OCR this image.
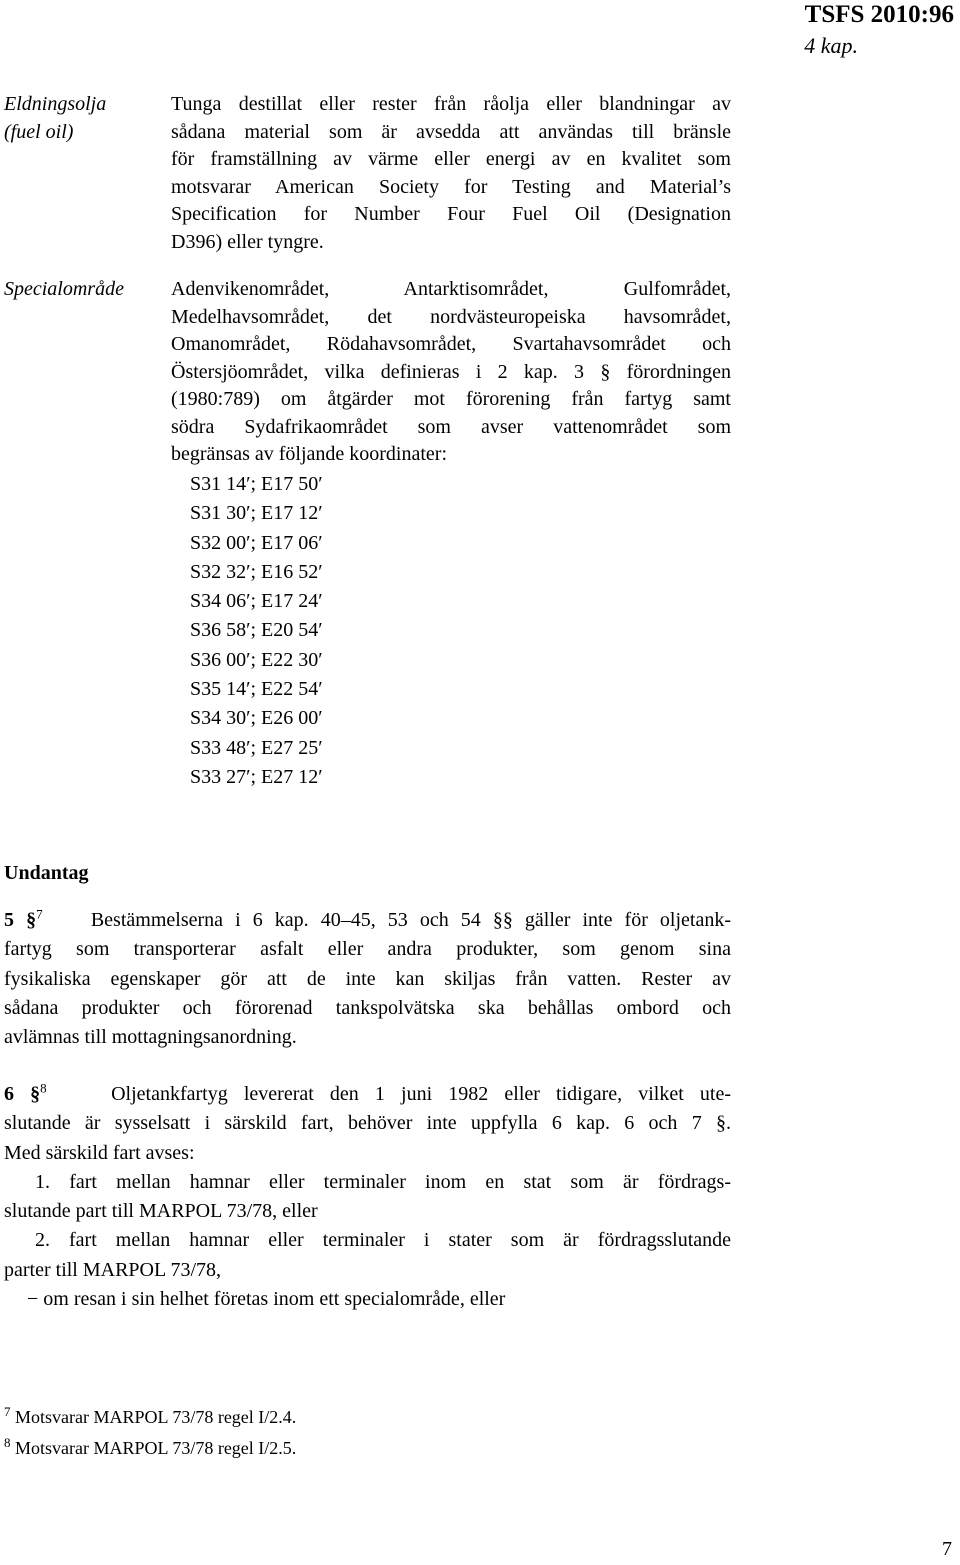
TSFS 2010:96
4 kap.
Eldningsolja
(fuel oil)
Tunga destillat eller rester från råolja eller blandningar av
sådana material som är avsedda att användas till bränsle
för framställning av värme eller energi av en kvalitet som
motsvarar American Society for Testing and Material’s
Specification for Number Four Fuel Oil (Designation
D396) eller tyngre.
Specialområde Adenvikenområdet, Antarktisområdet, Gulfområdet,
Medelhavsområdet, det nordvästeuropeiska havsområdet,
Omanområdet, Rödahavsområdet, Svartahavsområdet och
Östersjöområdet, vilka definieras i 2 kap. 3 § förordningen
(1980:789) om åtgärder mot förorening från fartyg samt
södra Sydafrikaområdet som avser vattenområdet som
begränsas av följande koordinater:
S31 14′; E17 50′
S31 30′; E17 12′
S32 00′; E17 06′
S32 32′; E16 52′
S34 06′; E17 24′
S36 58′; E20 54′
S36 00′; E22 30′
S35 14′; E22 54′
S34 30′; E26 00′
S33 48′; E27 25′
S33 27′; E27 12′
Undantag
5 §$^7$ Bestämmelserna i 6 kap. 40–45, 53 och 54 §§ gäller inte för oljetank-
fartyg som transporterar asfalt eller andra produkter, som genom sina
fysikaliska egenskaper gör att de inte kan skiljas från vatten. Rester av
sådana produkter och förorenad tankspolvätska ska behållas ombord och
avlämnas till mottagningsanordning.
6 §$^8$	Oljetankfartyg levererat den 1 juni 1982 eller tidigare, vilket ute-
slutande är sysselsatt i särskild fart, behöver inte uppfylla 6 kap. 6 och 7 §.
Med särskild fart avses:
1. fart mellan hamnar eller terminaler inom en stat som är fördrags-
slutande part till MARPOL 73/78, eller
2. fart mellan hamnar eller terminaler i stater som är fördragsslutande
parter till MARPOL 73/78,
− om resan i sin helhet företas inom ett specialområde, eller
$^7$ Motsvarar MARPOL 73/78 regel I/2.4.
$^8$ Motsvarar MARPOL 73/78 regel I/2.5.
7
